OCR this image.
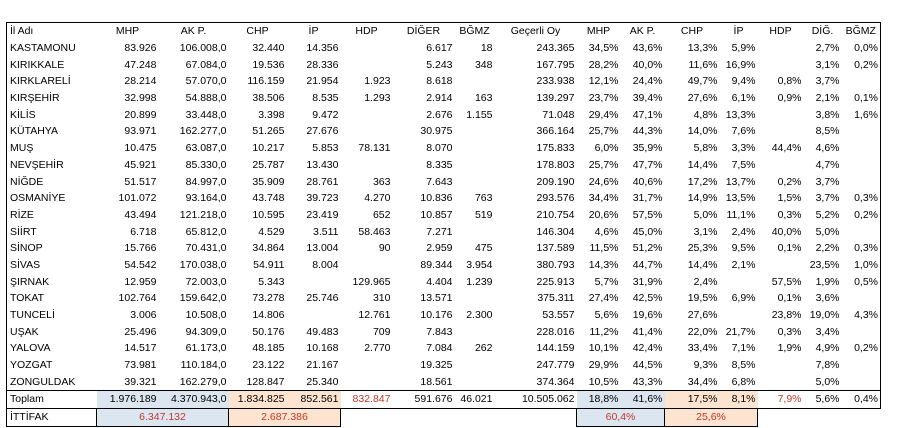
İl Adı	MHP	AK P.	CHP	İP	HDP	DİĞER	BĞMZ	Geçerli Oy	MHP	AK P.	CHP	İP	HDP	DİĞ.	BĞMZ
KASTAMONU	83.926	106.008,0	32.440	14.356		6.617	18	243.365	34,5%	43,6%	13,3%	5,9%		2,7%	0,0%
KIRIKKALE	47.248	67.084,0	19.536	28.336		5.243	348	167.795	28,2%	40,0%	11,6%	16,9%		3,1%	0,2%
KIRKLARELİ	28.214	57.070,0	116.159	21.954	1.923	8.618		233.938	12,1%	24,4%	49,7%	9,4%	0,8%	3,7%	
KIRŞEHİR	32.998	54.888,0	38.506	8.535	1.293	2.914	163	139.297	23,7%	39,4%	27,6%	6,1%	0,9%	2,1%	0,1%
KİLİS	20.899	33.448,0	3.398	9.472		2.676	1.155	71.048	29,4%	47,1%	4,8%	13,3%		3,8%	1,6%
KÜTAHYA	93.971	162.277,0	51.265	27.676		30.975		366.164	25,7%	44,3%	14,0%	7,6%		8,5%	
MUŞ	10.475	63.087,0	10.217	5.853	78.131	8.070		175.833	6,0%	35,9%	5,8%	3,3%	44,4%	4,6%	
NEVŞEHİR	45.921	85.330,0	25.787	13.430		8.335		178.803	25,7%	47,7%	14,4%	7,5%		4,7%	
NİĞDE	51.517	84.997,0	35.909	28.761	363	7.643		209.190	24,6%	40,6%	17,2%	13,7%	0,2%	3,7%	
OSMANİYE	101.072	93.164,0	43.748	39.723	4.270	10.836	763	293.576	34,4%	31,7%	14,9%	13,5%	1,5%	3,7%	0,3%
RİZE	43.494	121.218,0	10.595	23.419	652	10.857	519	210.754	20,6%	57,5%	5,0%	11,1%	0,3%	5,2%	0,2%
SİİRT	6.718	65.812,0	4.529	3.511	58.463	7.271		146.304	4,6%	45,0%	3,1%	2,4%	40,0%	5,0%	
SİNOP	15.766	70.431,0	34.864	13.004	90	2.959	475	137.589	11,5%	51,2%	25,3%	9,5%	0,1%	2,2%	0,3%
SİVAS	54.542	170.038,0	54.911	8.004		89.344	3.954	380.793	14,3%	44,7%	14,4%	2,1%		23,5%	1,0%
ŞIRNAK	12.959	72.003,0	5.343		129.965	4.404	1.239	225.913	5,7%	31,9%	2,4%		57,5%	1,9%	0,5%
TOKAT	102.764	159.642,0	73.278	25.746	310	13.571		375.311	27,4%	42,5%	19,5%	6,9%	0,1%	3,6%	
TUNCELİ	3.006	10.508,0	14.806		12.761	10.176	2.300	53.557	5,6%	19,6%	27,6%		23,8%	19,0%	4,3%
UŞAK	25.496	94.309,0	50.176	49.483	709	7.843		228.016	11,2%	41,4%	22,0%	21,7%	0,3%	3,4%	
YALOVA	14.517	61.173,0	48.185	10.168	2.770	7.084	262	144.159	10,1%	42,4%	33,4%	7,1%	1,9%	4,9%	0,2%
YOZGAT	73.981	110.184,0	23.122	21.167		19.325		247.779	29,9%	44,5%	9,3%	8,5%		7,8%	
ZONGULDAK	39.321	162.279,0	128.847	25.340		18.561		374.364	10,5%	43,3%	34,4%	6,8%		5,0%	
Toplam	1.976.189	4.370.943,0	1.834.825	852.561	832.847	591.676	46.021	10.505.062	18,8%	41,6%	17,5%	8,1%	7,9%	5,6%	0,4%
İTTİFAK	6.347.132		2.687.386						60,4%		25,6%				
